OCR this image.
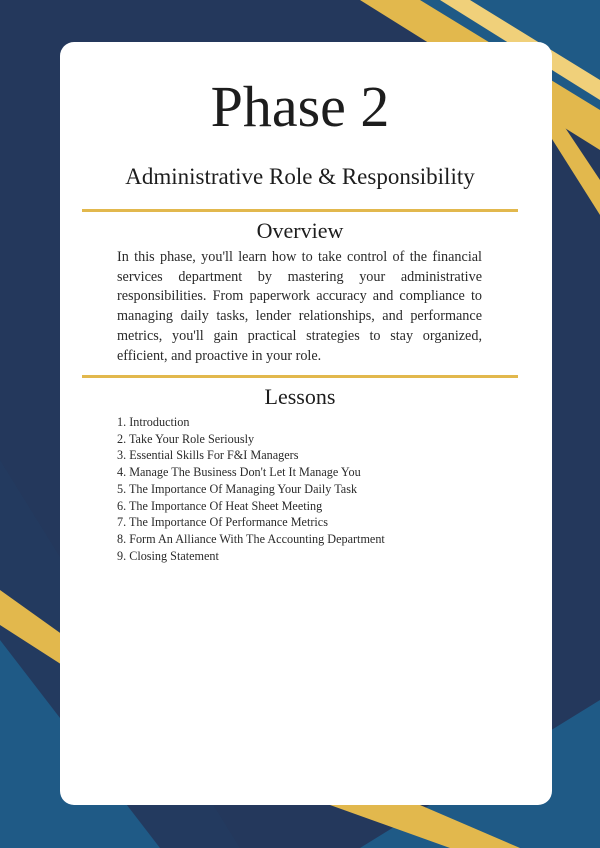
Phase 2
Administrative Role & Responsibility
Overview

In this phase, you'll learn how to take control of the financial services department by mastering your administrative responsibilities. From paperwork accuracy and compliance to managing daily tasks, lender relationships, and performance metrics, you'll gain practical strategies to stay organized, efficient, and proactive in your role.

Lessons
1. Introduction
2. Take Your Role Seriously
3. Essential Skills For F&I Managers
4. Manage The Business Don't Let It Manage You
5. The Importance Of Managing Your Daily Task
6. The Importance Of Heat Sheet Meeting
7. The Importance Of Performance Metrics
8. Form An Alliance With The Accounting Department
9. Closing Statement
